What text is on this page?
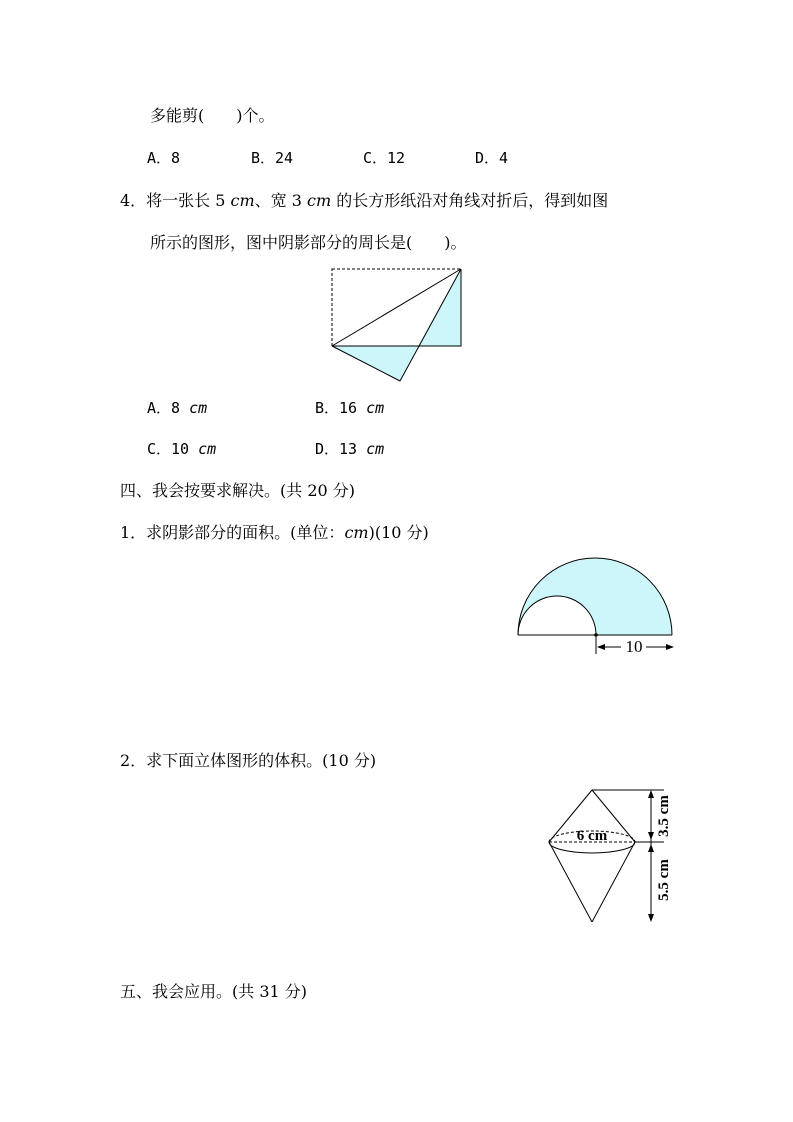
多能剪(　　)个。
A．8	B．24	C．12	D．4
4．将一张长 5 cm、宽 3 cm 的长方形纸沿对角线对折后，得到如图
所示的图形，图中阴影部分的周长是(　　)。
A．8 cm	B．16 cm
C．10 cm	D．13 cm
四、我会按要求解决。(共 20 分)
1．求阴影部分的面积。(单位：cm)(10 分)
10
2．求下面立体图形的体积。(10 分)
6 cm	3.5 cm
5.5 cm
五、我会应用。(共 31 分)
